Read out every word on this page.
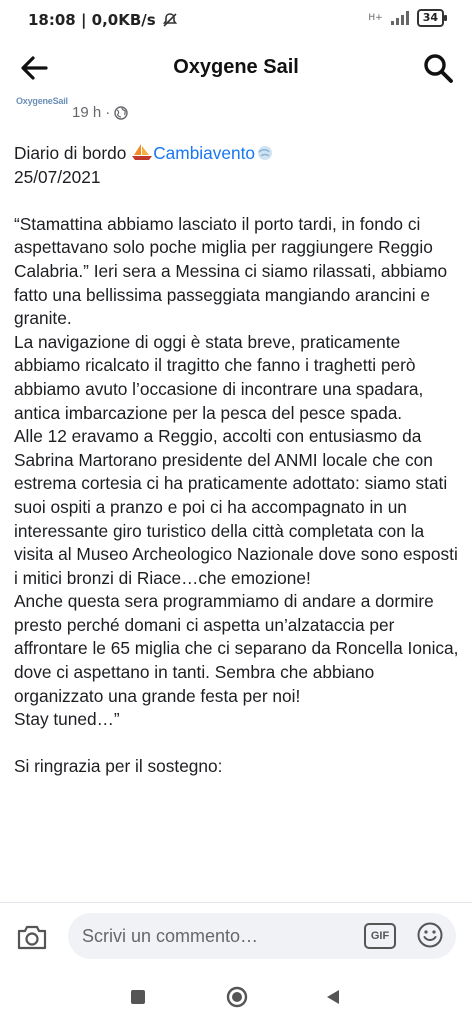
18:08 | 0,0KB/s	H+	34
Oxygene Sail
OxygeneSail
19 h ·

Diario di bordo Cambiavento

25/07/2021

“Stamattina abbiamo lasciato il porto tardi, in fondo ci aspettavano solo poche miglia per raggiungere Reggio Calabria.” Ieri sera a Messina ci siamo rilassati, abbiamo fatto una bellissima passeggiata mangiando arancini e granite.

La navigazione di oggi è stata breve, praticamente abbiamo ricalcato il tragitto che fanno i traghetti però abbiamo avuto l’occasione di incontrare una spadara, antica imbarcazione per la pesca del pesce spada.

Alle 12 eravamo a Reggio, accolti con entusiasmo da Sabrina Martorano presidente del ANMI locale che con estrema cortesia ci ha praticamente adottato: siamo stati suoi ospiti a pranzo e poi ci ha accompagnato in un interessante giro turistico della città completata con la visita al Museo Archeologico Nazionale dove sono esposti i mitici bronzi di Riace…che emozione!

Anche questa sera programmiamo di andare a dormire presto perché domani ci aspetta un’alzataccia per affrontare le 65 miglia che ci separano da Roncella Ionica, dove ci aspettano in tanti. Sembra che abbiano organizzato una grande festa per noi!

Stay tuned…”

Si ringrazia per il sostegno:

Scrivi un commento…	GIF
